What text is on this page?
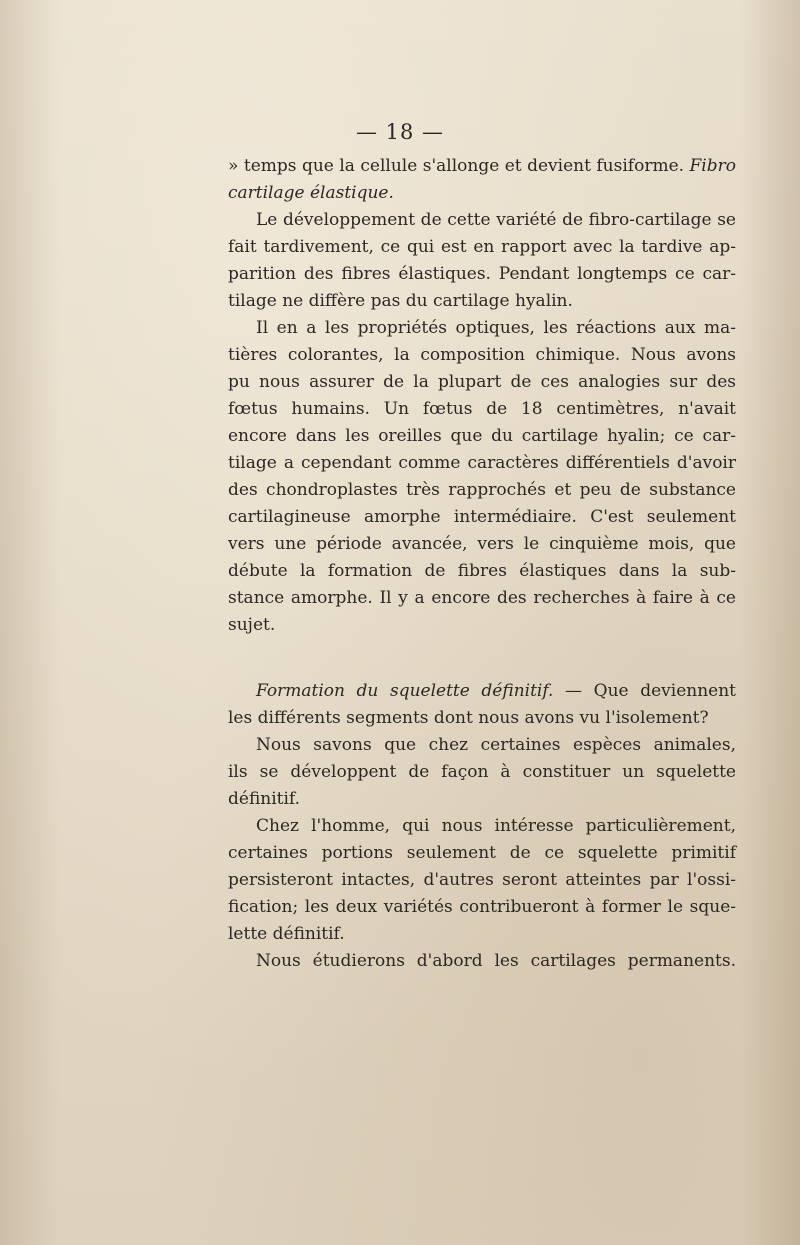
— 18 —
» temps que la cellule s'allonge et devient fusiforme. Fibro
cartilage élastique.
Le développement de cette variété de fibro-cartilage se
fait tardivement, ce qui est en rapport avec la tardive ap-
parition des fibres élastiques. Pendant longtemps ce car-
tilage ne diffère pas du cartilage hyalin.
Il en a les propriétés optiques, les réactions aux ma-
tières colorantes, la composition chimique. Nous avons
pu nous assurer de la plupart de ces analogies sur des
fœtus humains. Un fœtus de 18 centimètres, n'avait
encore dans les oreilles que du cartilage hyalin; ce car-
tilage a cependant comme caractères différentiels d'avoir
des chondroplastes très rapprochés et peu de substance
cartilagineuse amorphe intermédiaire. C'est seulement
vers une période avancée, vers le cinquième mois, que
débute la formation de fibres élastiques dans la sub-
stance amorphe. Il y a encore des recherches à faire à ce
sujet.
Formation du squelette définitif. — Que deviennent
les différents segments dont nous avons vu l'isolement?
Nous savons que chez certaines espèces animales,
ils se développent de façon à constituer un squelette
définitif.
Chez l'homme, qui nous intéresse particulièrement,
certaines portions seulement de ce squelette primitif
persisteront intactes, d'autres seront atteintes par l'ossi-
fication; les deux variétés contribueront à former le sque-
lette définitif.
Nous étudierons d'abord les cartilages permanents.
